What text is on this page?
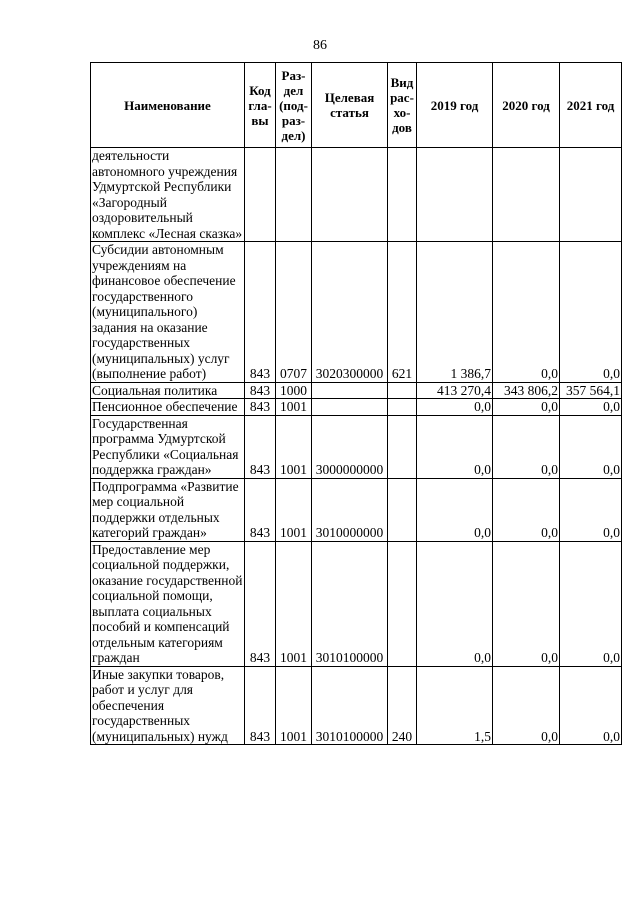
86
Наименование	Код гла- вы	Раз- дел (под- раз- дел)	Целевая статья	Вид рас- хо- дов	2019 год	2020 год	2021 год
деятельности автономного учреждения Удмуртской Республики «Загородный оздоровительный комплекс «Лесная сказка»							
Субсидии автономным учреждениям на финансовое обеспечение государственного (муниципального) задания на оказание государственных (муниципальных) услуг (выполнение работ)	843	0707	3020300000	621	1 386,7	0,0	0,0
Социальная политика	843	1000			413 270,4	343 806,2	357 564,1
Пенсионное обеспечение	843	1001			0,0	0,0	0,0
Государственная программа Удмуртской Республики «Социальная поддержка граждан»	843	1001	3000000000		0,0	0,0	0,0
Подпрограмма «Развитие мер социальной поддержки отдельных категорий граждан»	843	1001	3010000000		0,0	0,0	0,0
Предоставление мер социальной поддержки, оказание государственной социальной помощи, выплата социальных пособий и компенсаций отдельным категориям граждан	843	1001	3010100000		0,0	0,0	0,0
Иные закупки товаров, работ и услуг для обеспечения государственных (муниципальных) нужд	843	1001	3010100000	240	1,5	0,0	0,0
